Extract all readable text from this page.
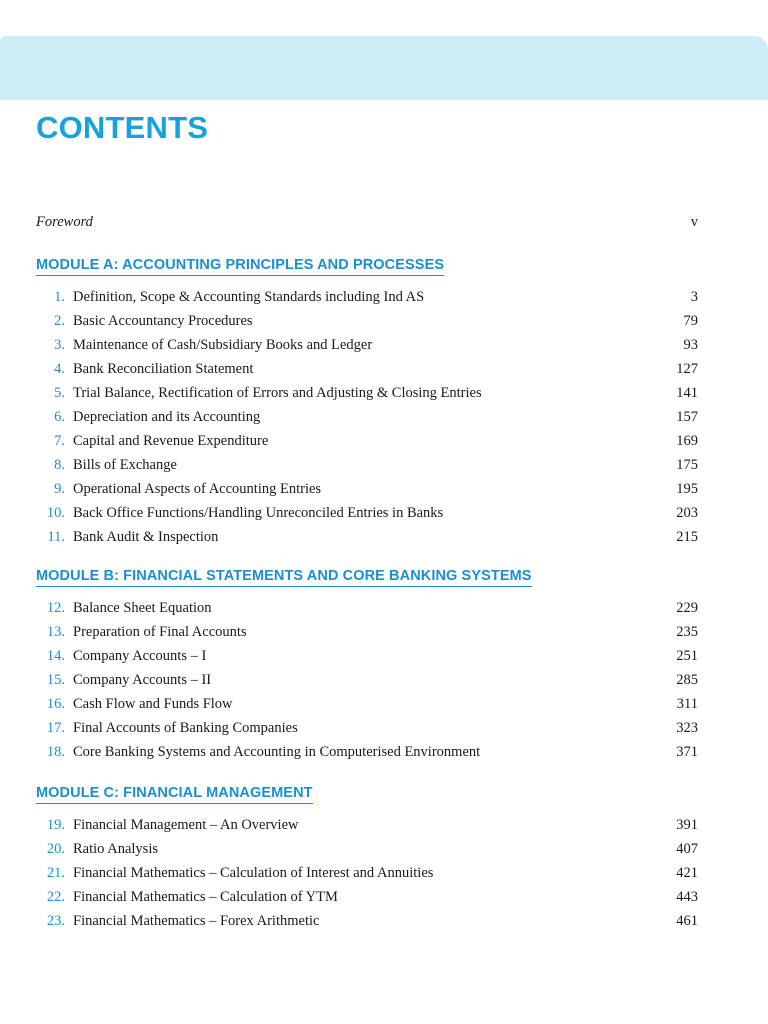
CONTENTS
Foreword	v
MODULE A: ACCOUNTING PRINCIPLES AND PROCESSES
1. Definition, Scope & Accounting Standards including Ind AS	3
2. Basic Accountancy Procedures	79
3. Maintenance of Cash/Subsidiary Books and Ledger	93
4. Bank Reconciliation Statement	127
5. Trial Balance, Rectification of Errors and Adjusting & Closing Entries	141
6. Depreciation and its Accounting	157
7. Capital and Revenue Expenditure	169
8. Bills of Exchange	175
9. Operational Aspects of Accounting Entries	195
10. Back Office Functions/Handling Unreconciled Entries in Banks	203
11. Bank Audit & Inspection	215
MODULE B: FINANCIAL STATEMENTS AND CORE BANKING SYSTEMS
12. Balance Sheet Equation	229
13. Preparation of Final Accounts	235
14. Company Accounts – I	251
15. Company Accounts – II	285
16. Cash Flow and Funds Flow	311
17. Final Accounts of Banking Companies	323
18. Core Banking Systems and Accounting in Computerised Environment	371
MODULE C: FINANCIAL MANAGEMENT
19. Financial Management – An Overview	391
20. Ratio Analysis	407
21. Financial Mathematics – Calculation of Interest and Annuities	421
22. Financial Mathematics – Calculation of YTM	443
23. Financial Mathematics – Forex Arithmetic	461
